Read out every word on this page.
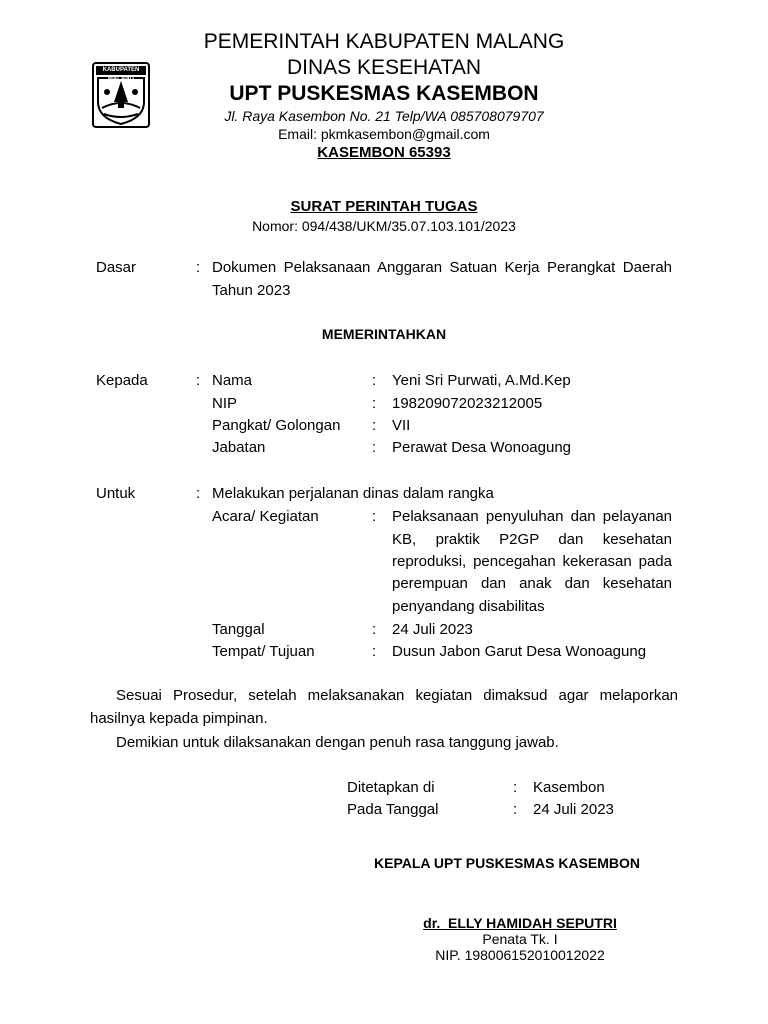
KABUPATEN MALANG
PEMERINTAH KABUPATEN MALANG
DINAS KESEHATAN
UPT PUSKESMAS KASEMBON
Jl. Raya Kasembon No. 21 Telp/WA 085708079707
Email: pkmkasembon@gmail.com
KASEMBON 65393
SURAT PERINTAH TUGAS
Nomor: 094/438/UKM/35.07.103.101/2023
Dasar	: Dokumen Pelaksanaan Anggaran Satuan Kerja Perangkat Daerah
Tahun 2023
MEMERINTAHKAN
Kepada	: Nama	: Yeni Sri Purwati, A.Md.Kep
NIP	: 198209072023212005
Pangkat/ Golongan : VII
Jabatan	: Perawat Desa Wonoagung
Untuk	: Melakukan perjalanan dinas dalam rangka
Acara/ Kegiatan	: Pelaksanaan penyuluhan dan pelayanan
KB, praktik P2GP dan kesehatan
reproduksi, pencegahan kekerasan pada
perempuan dan anak dan kesehatan
penyandang disabilitas
Tanggal	: 24 Juli 2023
Tempat/ Tujuan	: Dusun Jabon Garut Desa Wonoagung
Sesuai Prosedur, setelah melaksanakan kegiatan dimaksud agar melaporkan
hasilnya kepada pimpinan.
Demikian untuk dilaksanakan dengan penuh rasa tanggung jawab.
Ditetapkan di	: Kasembon
Pada Tanggal	: 24 Juli 2023
KEPALA UPT PUSKESMAS KASEMBON
dr.  ELLY HAMIDAH SEPUTRI
Penata Tk. I
NIP. 198006152010012022
